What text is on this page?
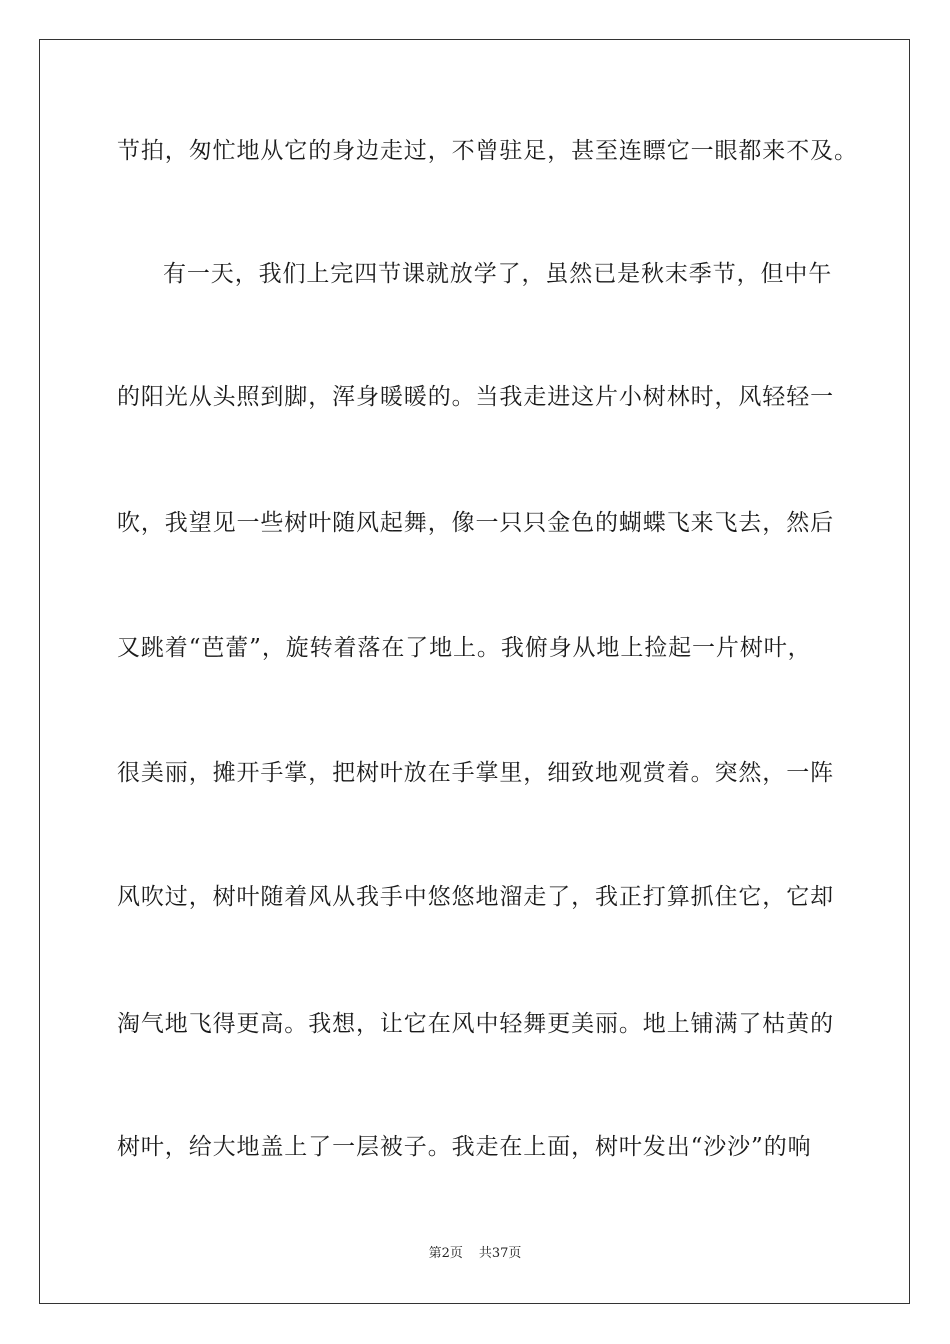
节拍，匆忙地从它的身边走过，不曾驻足，甚至连瞟它一眼都来不及。
有一天，我们上完四节课就放学了，虽然已是秋末季节，但中午
的阳光从头照到脚，浑身暖暖的。当我走进这片小树林时，风轻轻一
吹，我望见一些树叶随风起舞，像一只只金色的蝴蝶飞来飞去，然后
又跳着“芭蕾”，旋转着落在了地上。我俯身从地上捡起一片树叶，
很美丽，摊开手掌，把树叶放在手掌里，细致地观赏着。突然，一阵
风吹过，树叶随着风从我手中悠悠地溜走了，我正打算抓住它，它却
淘气地飞得更高。我想，让它在风中轻舞更美丽。地上铺满了枯黄的
树叶，给大地盖上了一层被子。我走在上面，树叶发出“沙沙”的响
第2页 共37页
